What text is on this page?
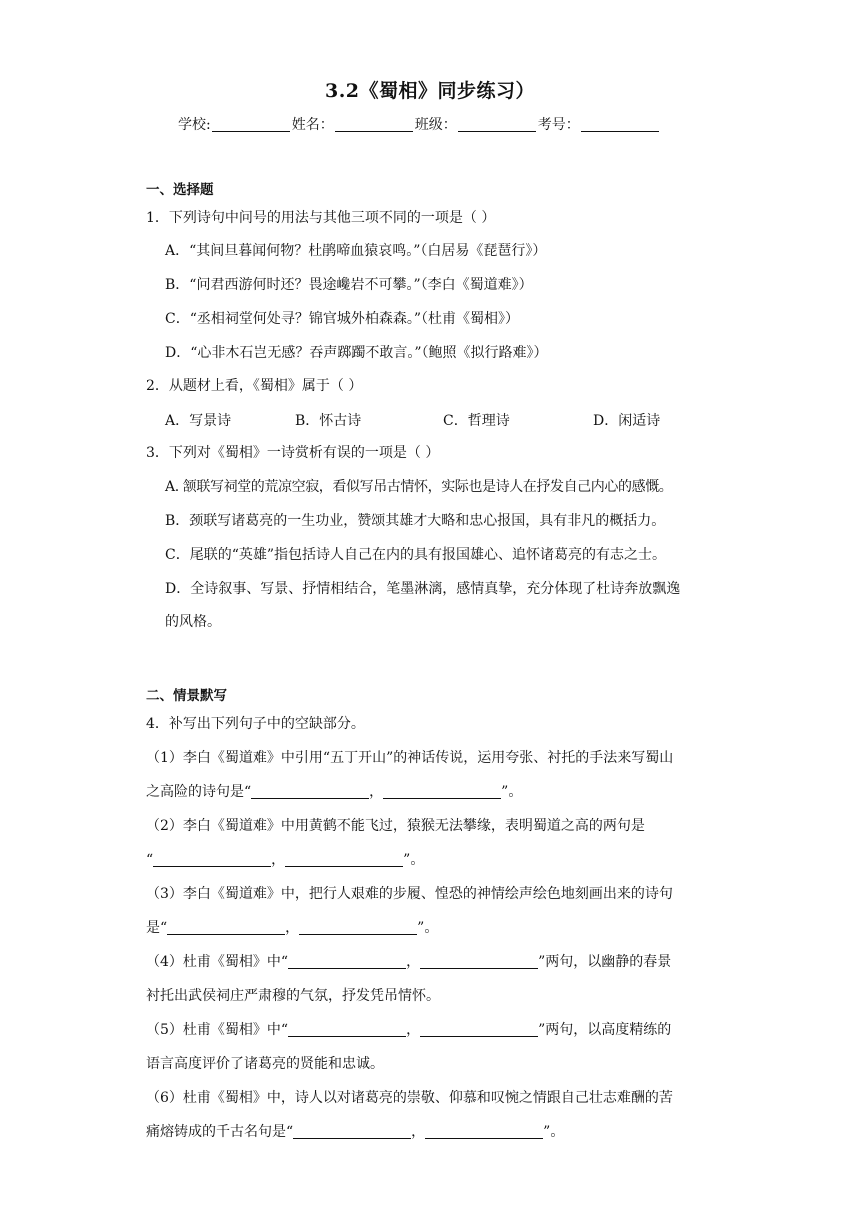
3.2《蜀相》同步练习）
学校:	姓名：	班级：	考号：
一、选择题
1．下列诗句中问号的用法与其他三项不同的一项是（ ）
A．“其间旦暮闻何物？杜鹃啼血猿哀鸣。”（白居易《琵琶行》）
B．“问君西游何时还？畏途巉岩不可攀。”（李白《蜀道难》）
C．“丞相祠堂何处寻？锦官城外柏森森。”（杜甫《蜀相》）
D．“心非木石岂无感？吞声踯躅不敢言。”（鲍照《拟行路难》）
2．从题材上看，《蜀相》属于（ ）
A．写景诗	B．怀古诗	C．哲理诗	D．闲适诗
3．下列对《蜀相》一诗赏析有误的一项是（ ）
A. 颔联写祠堂的荒凉空寂，看似写吊古情怀，实际也是诗人在抒发自己内心的感慨。
B．颈联写诸葛亮的一生功业，赞颂其雄才大略和忠心报国，具有非凡的概括力。
C．尾联的“英雄”指包括诗人自己在内的具有报国雄心、追怀诸葛亮的有志之士。
D．全诗叙事、写景、抒情相结合，笔墨淋漓，感情真挚，充分体现了杜诗奔放飘逸
的风格。
二、情景默写
4．补写出下列句子中的空缺部分。
（1）李白《蜀道难》中引用“五丁开山”的神话传说，运用夸张、衬托的手法来写蜀山
之高险的诗句是“	，	”。
（2）李白《蜀道难》中用黄鹤不能飞过，猿猴无法攀缘，表明蜀道之高的两句是
“	，	”。
（3）李白《蜀道难》中，把行人艰难的步履、惶恐的神情绘声绘色地刻画出来的诗句
是“	，	”。
（4）杜甫《蜀相》中“	，	”两句，以幽静的春景
衬托出武侯祠庄严肃穆的气氛，抒发凭吊情怀。
（5）杜甫《蜀相》中“	，	”两句，以高度精练的
语言高度评价了诸葛亮的贤能和忠诚。
（6）杜甫《蜀相》中，诗人以对诸葛亮的崇敬、仰慕和叹惋之情跟自己壮志难酬的苦
痛熔铸成的千古名句是“	，	”。
